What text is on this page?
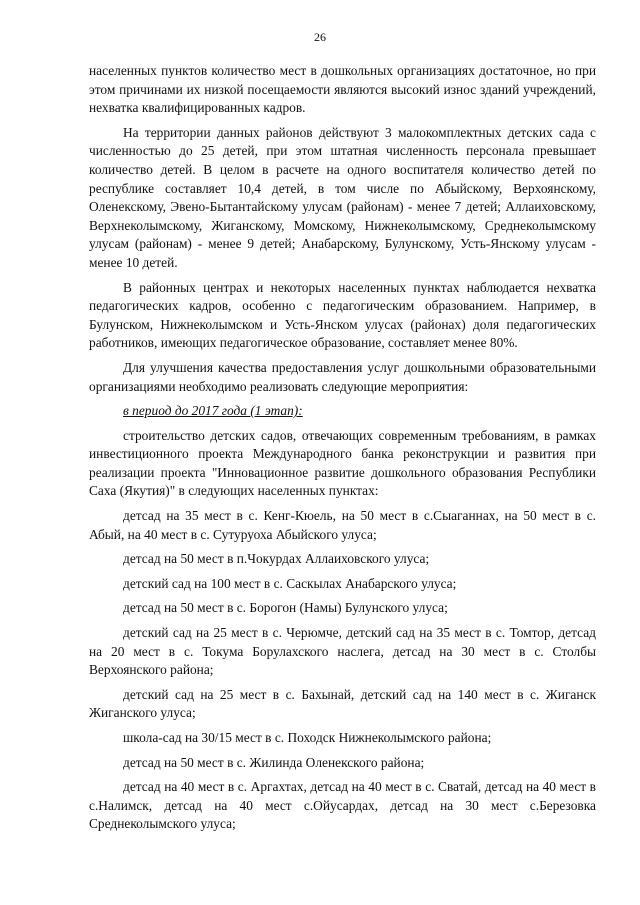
26

населенных пунктов количество мест в дошкольных организациях достаточное, но при этом причинами их низкой посещаемости являются высокий износ зданий учреждений, нехватка квалифицированных кадров.

На территории данных районов действуют 3 малокомплектных детских сада с численностью до 25 детей, при этом штатная численность персонала превышает количество детей. В целом в расчете на одного воспитателя количество детей по республике составляет 10,4 детей, в том числе по Абыйскому, Верхоянскому, Оленекскому, Эвено-Бытантайскому улусам (районам) - менее 7 детей; Аллаиховскому, Верхнеколымскому, Жиганскому, Момскому, Нижнеколымскому, Среднеколымскому улусам (районам) - менее 9 детей; Анабарскому, Булунскому, Усть-Янскому улусам - менее 10 детей.

В районных центрах и некоторых населенных пунктах наблюдается нехватка педагогических кадров, особенно с педагогическим образованием. Например, в Булунском, Нижнеколымском и Усть-Янском улусах (районах) доля педагогических работников, имеющих педагогическое образование, составляет менее 80%.

Для улучшения качества предоставления услуг дошкольными образовательными организациями необходимо реализовать следующие мероприятия:

в период до 2017 года (1 этап):

строительство детских садов, отвечающих современным требованиям, в рамках инвестиционного проекта Международного банка реконструкции и развития при реализации проекта "Инновационное развитие дошкольного образования Республики Саха (Якутия)" в следующих населенных пунктах:

детсад на 35 мест в с. Кенг-Кюель, на 50 мест в с.Сыаганнах, на 50 мест в с. Абый, на 40 мест в с. Сутуруоха Абыйского улуса;

детсад на 50 мест в п.Чокурдах Аллаиховского улуса;

детский сад на 100 мест в с. Саскылах Анабарского улуса;

детсад на 50 мест в с. Борогон (Намы) Булунского улуса;

детский сад на 25 мест в с. Черюмче, детский сад на 35 мест в с. Томтор, детсад на 20 мест в с. Токума Борулахского наслега, детсад на 30 мест в с. Столбы Верхоянского района;

детский сад на 25 мест в с. Бахынай, детский сад на 140 мест в с. Жиганск Жиганского улуса;

школа-сад на 30/15 мест в с. Походск Нижнеколымского района;

детсад на 50 мест в с. Жилинда Оленекского района;

детсад на 40 мест в с. Аргахтах, детсад на 40 мест в с. Сватай, детсад на 40 мест в с.Налимск, детсад на 40 мест с.Ойусардах, детсад на 30 мест с.Березовка Среднеколымского улуса;
